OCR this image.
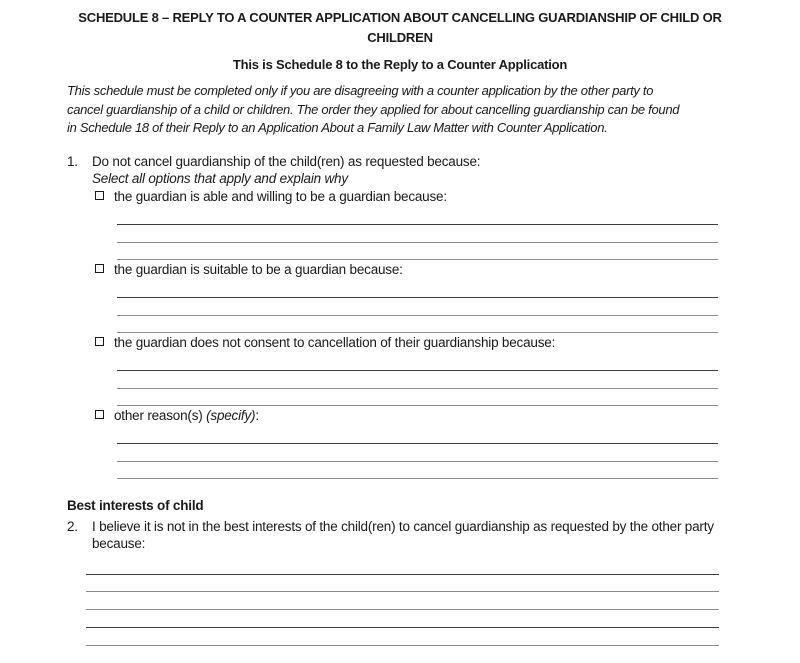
SCHEDULE 8 – REPLY TO A COUNTER APPLICATION ABOUT CANCELLING GUARDIANSHIP OF CHILD OR CHILDREN
This is Schedule 8 to the Reply to a Counter Application
This schedule must be completed only if you are disagreeing with a counter application by the other party to
cancel guardianship of a child or children. The order they applied for about cancelling guardianship can be found
in Schedule 18 of their Reply to an Application About a Family Law Matter with Counter Application.
1.	Do not cancel guardianship of the child(ren) as requested because:
Select all options that apply and explain why
the guardian is able and willing to be a guardian because:
the guardian is suitable to be a guardian because:
the guardian does not consent to cancellation of their guardianship because:
other reason(s) (specify):
Best interests of child
2.	I believe it is not in the best interests of the child(ren) to cancel guardianship as requested by the other party because:
